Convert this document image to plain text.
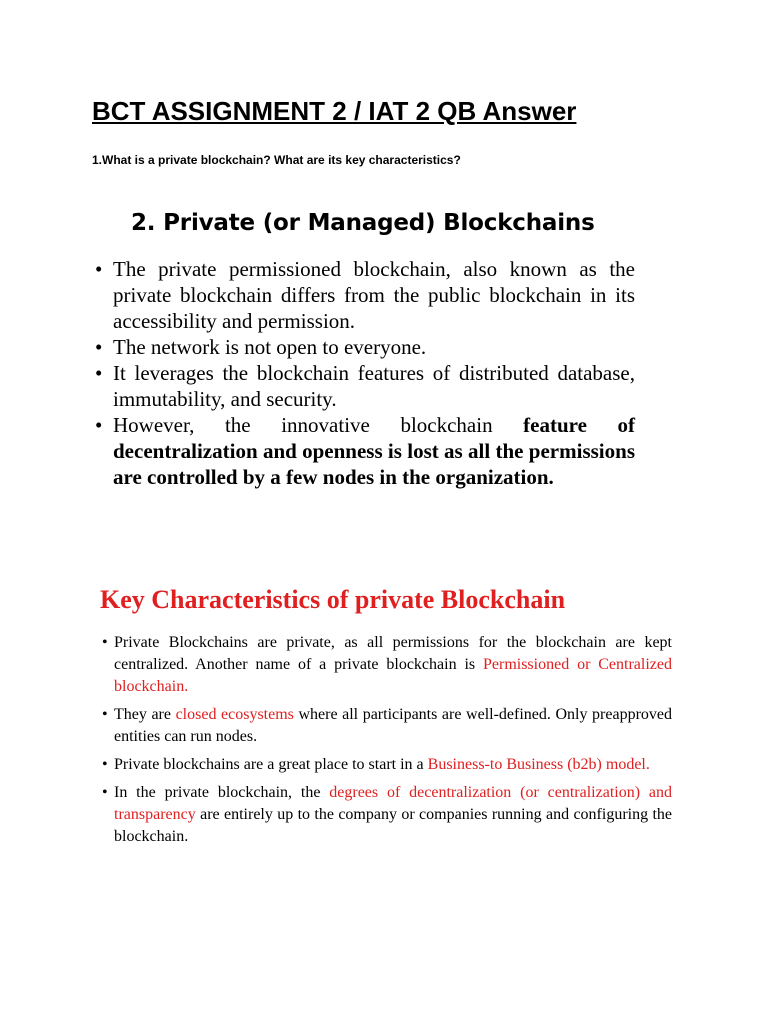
BCT ASSIGNMENT 2 / IAT 2 QB Answer

1.What is a private blockchain? What are its key characteristics?

2. Private (or Managed) Blockchains
• The private permissioned blockchain, also known as the private blockchain differs from the public blockchain in its accessibility and permission.
• The network is not open to everyone.
• It leverages the blockchain features of distributed database, immutability, and security.
• However, the innovative blockchain feature of decentralization and openness is lost as all the permissions are controlled by a few nodes in the organization.
Key Characteristics of private Blockchain
• Private Blockchains are private, as all permissions for the blockchain are kept centralized. Another name of a private blockchain is Permissioned or Centralized blockchain.
• They are closed ecosystems where all participants are well-defined. Only preapproved entities can run nodes.
• Private blockchains are a great place to start in a Business-to Business (b2b) model.
• In the private blockchain, the degrees of decentralization (or centralization) and transparency are entirely up to the company or companies running and configuring the blockchain.
